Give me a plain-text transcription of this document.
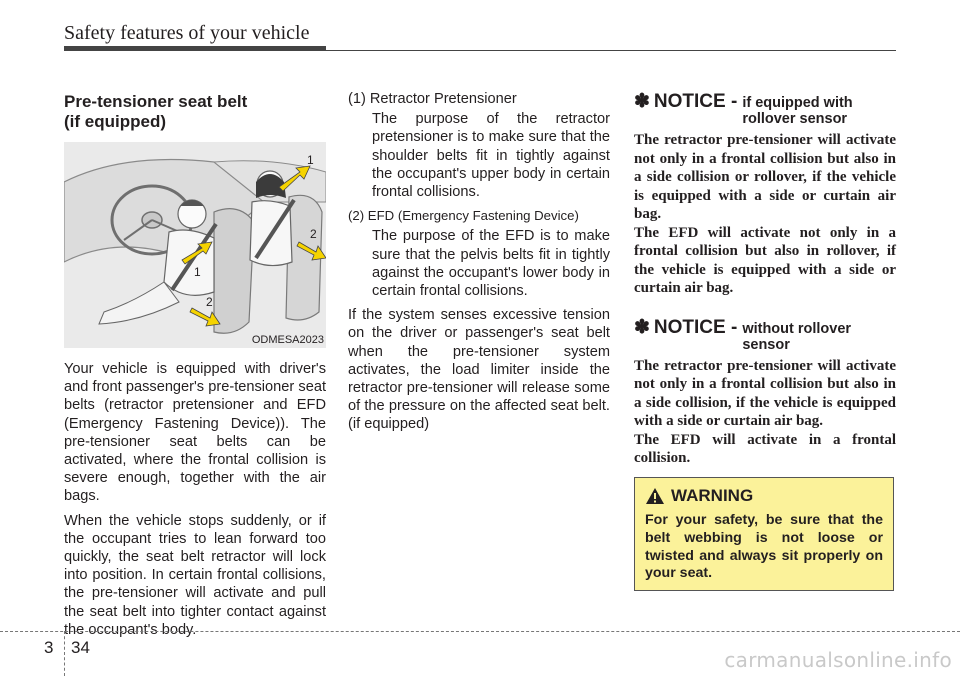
Safety features of your vehicle
Pre-tensioner seat belt
(if equipped)
1
2
1
2
ODMESA2023

Your vehicle is equipped with driver's and front passenger's pre-tensioner seat belts (retractor pretensioner and EFD (Emergency Fastening Device)). The pre-tensioner seat belts can be activated, where the frontal collision is severe enough, together with the air bags.

When the vehicle stops suddenly, or if the occupant tries to lean forward too quickly, the seat belt retractor will lock into position. In certain frontal collisions, the pre-tensioner will activate and pull the seat belt into tighter contact against the occupant's body.

(1) Retractor Pretensioner

The purpose of the retractor pretensioner is to make sure that the shoulder belts fit in tightly against the occupant's upper body in certain frontal collisions.

(2) EFD (Emergency Fastening Device)

The purpose of the EFD is to make sure that the pelvis belts fit in tightly against the occupant's lower body in certain frontal collisions.

If the system senses excessive tension on the driver or passenger's seat belt when the pre-tensioner system activates, the load limiter inside the retractor pre-tensioner will release some of the pressure on the affected seat belt. (if equipped)

✽ NOTICE - if equipped with
rollover sensor

The retractor pre-tensioner will activate not only in a frontal collision but also in a side collision or rollover, if the vehicle is equipped with a side or curtain air bag.

The EFD will activate not only in a frontal collision but also in rollover, if the vehicle is equipped with a side or curtain air bag.

✽ NOTICE - without rollover
sensor

The retractor pre-tensioner will activate not only in a frontal collision but also in a side collision, if the vehicle is equipped with a side or curtain air bag.

The EFD will activate in a frontal collision.

WARNING
For your safety, be sure that the belt webbing is not loose or twisted and always sit properly on your seat.
3 34
carmanualsonline.info
